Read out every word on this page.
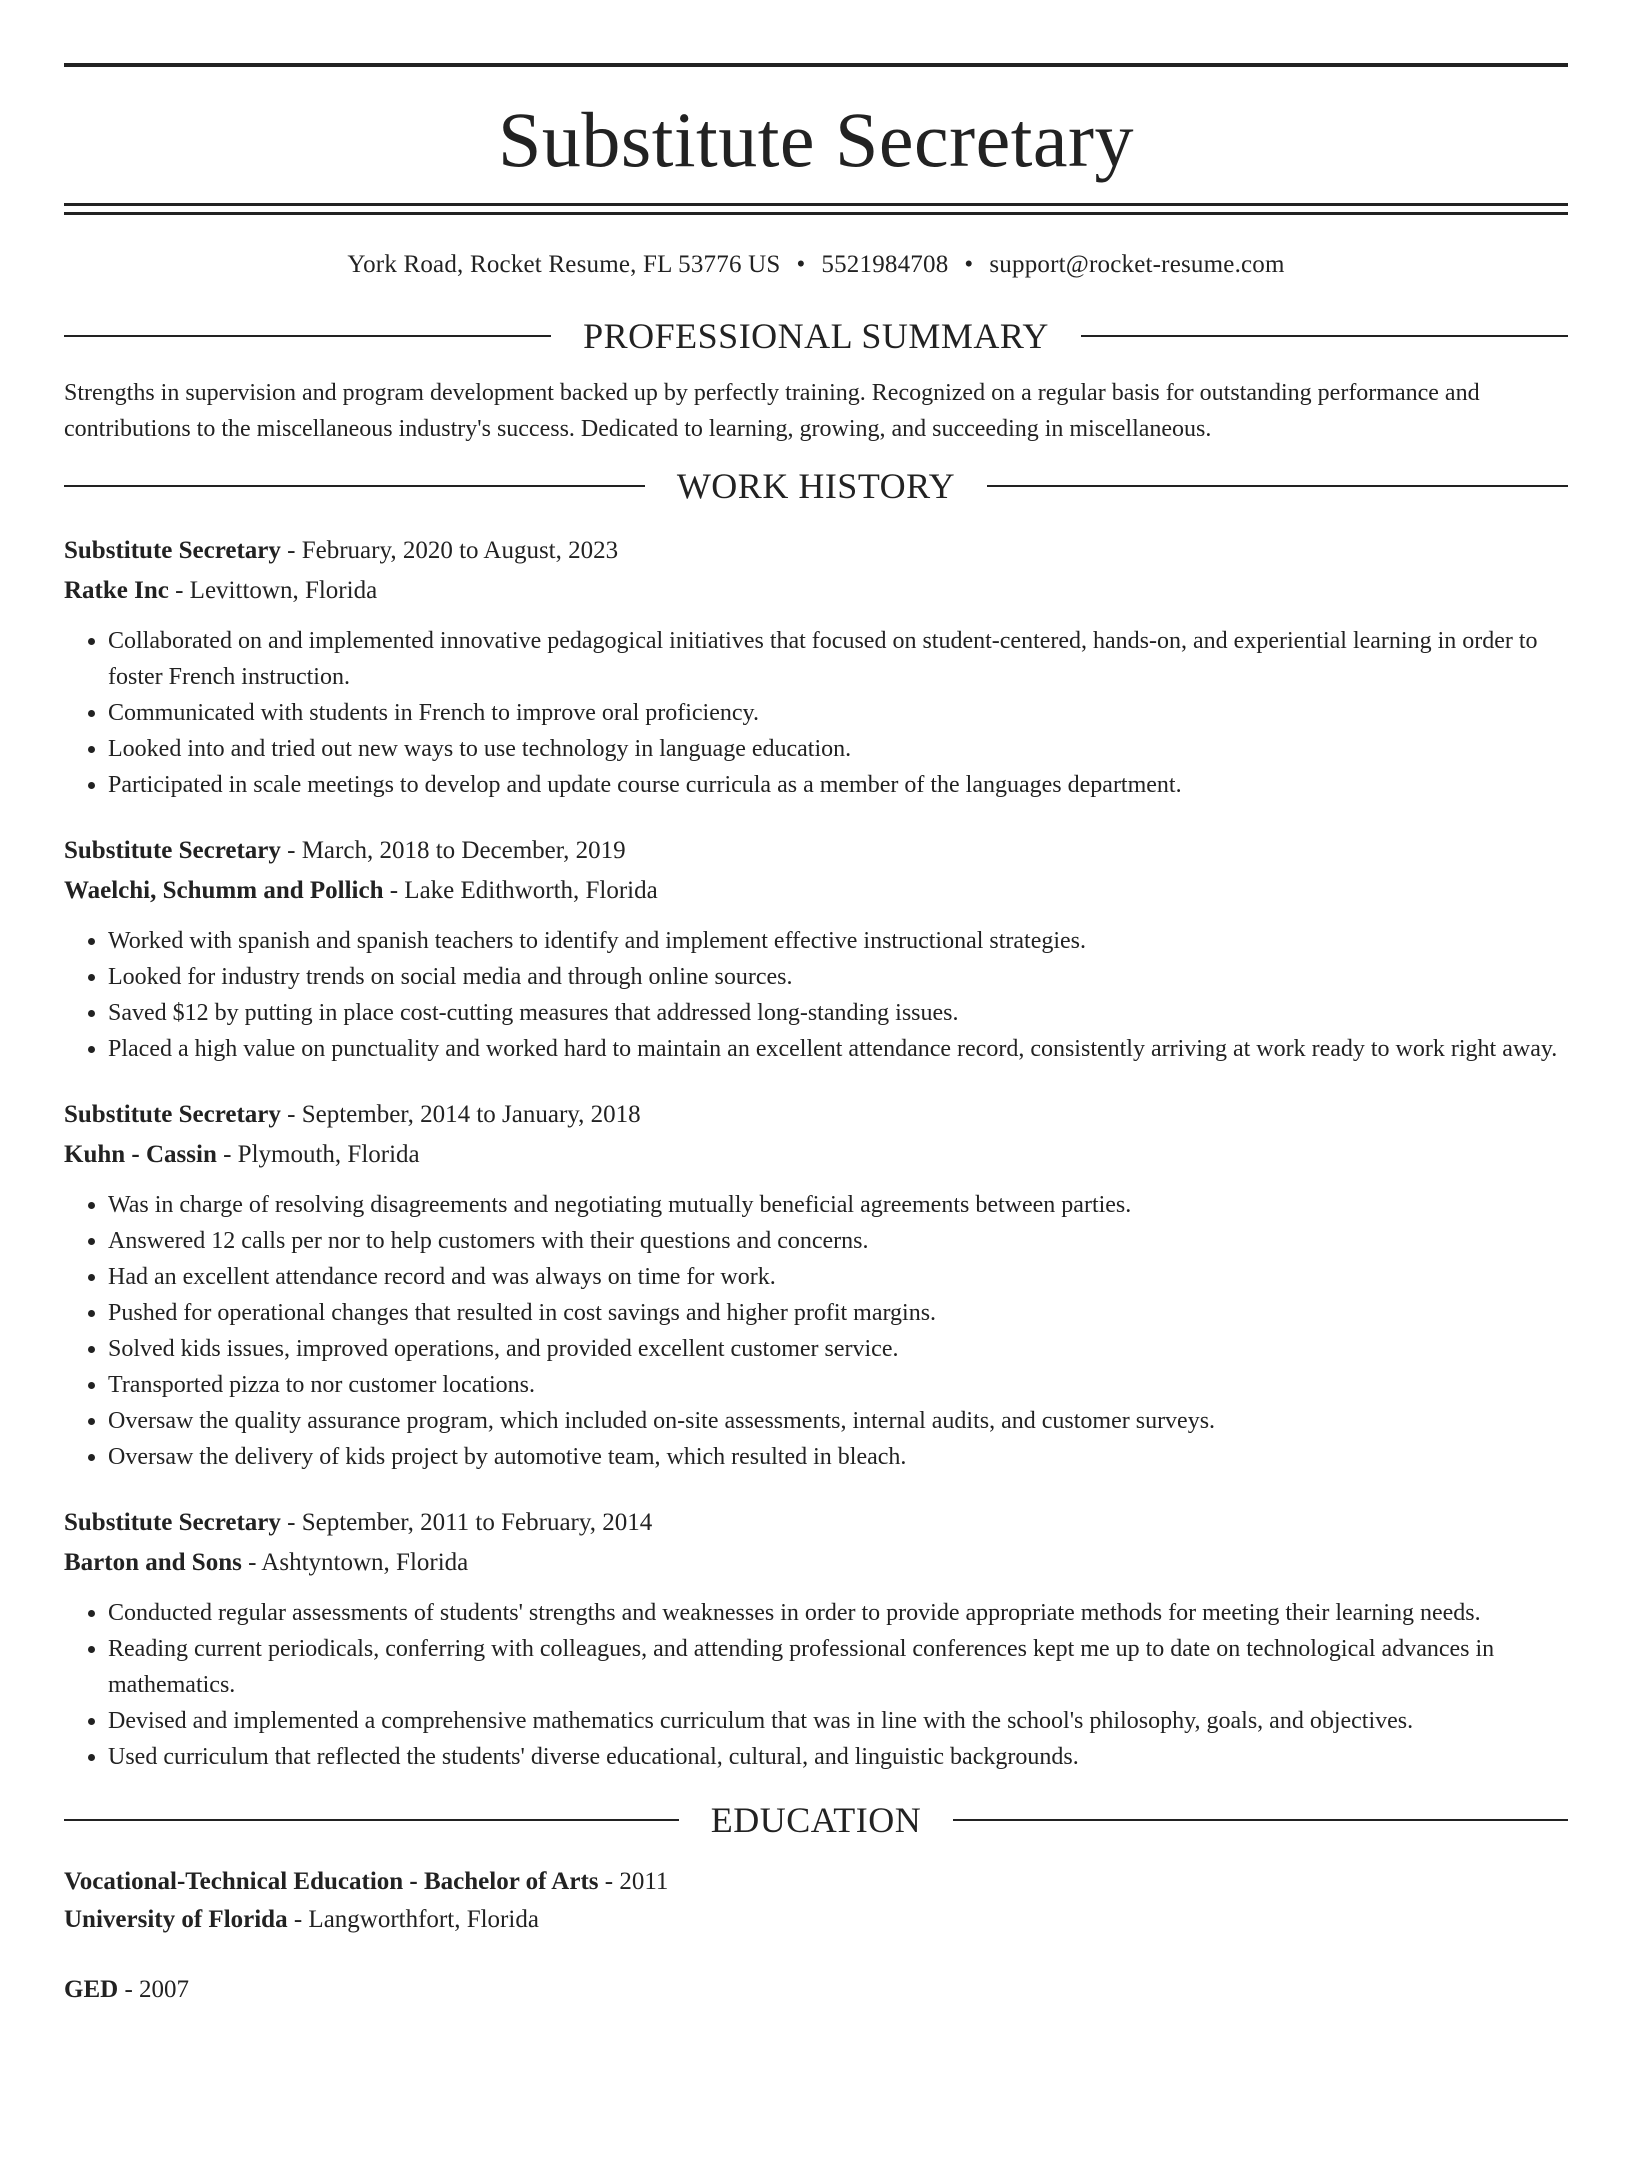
Substitute Secretary
York Road, Rocket Resume, FL 53776 US • 5521984708 • support@rocket-resume.com
PROFESSIONAL SUMMARY
Strengths in supervision and program development backed up by perfectly training. Recognized on a regular basis for outstanding performance and contributions to the miscellaneous industry's success. Dedicated to learning, growing, and succeeding in miscellaneous.
WORK HISTORY
Substitute Secretary - February, 2020 to August, 2023
Ratke Inc - Levittown, Florida
• Collaborated on and implemented innovative pedagogical initiatives that focused on student-centered, hands-on, and experiential learning in order to foster French instruction.
• Communicated with students in French to improve oral proficiency.
• Looked into and tried out new ways to use technology in language education.
• Participated in scale meetings to develop and update course curricula as a member of the languages department.
Substitute Secretary - March, 2018 to December, 2019
Waelchi, Schumm and Pollich - Lake Edithworth, Florida
• Worked with spanish and spanish teachers to identify and implement effective instructional strategies.
• Looked for industry trends on social media and through online sources.
• Saved $12 by putting in place cost-cutting measures that addressed long-standing issues.
• Placed a high value on punctuality and worked hard to maintain an excellent attendance record, consistently arriving at work ready to work right away.
Substitute Secretary - September, 2014 to January, 2018
Kuhn - Cassin - Plymouth, Florida
• Was in charge of resolving disagreements and negotiating mutually beneficial agreements between parties.
• Answered 12 calls per nor to help customers with their questions and concerns.
• Had an excellent attendance record and was always on time for work.
• Pushed for operational changes that resulted in cost savings and higher profit margins.
• Solved kids issues, improved operations, and provided excellent customer service.
• Transported pizza to nor customer locations.
• Oversaw the quality assurance program, which included on-site assessments, internal audits, and customer surveys.
• Oversaw the delivery of kids project by automotive team, which resulted in bleach.
Substitute Secretary - September, 2011 to February, 2014
Barton and Sons - Ashtyntown, Florida
• Conducted regular assessments of students' strengths and weaknesses in order to provide appropriate methods for meeting their learning needs.
• Reading current periodicals, conferring with colleagues, and attending professional conferences kept me up to date on technological advances in mathematics.
• Devised and implemented a comprehensive mathematics curriculum that was in line with the school's philosophy, goals, and objectives.
• Used curriculum that reflected the students' diverse educational, cultural, and linguistic backgrounds.
EDUCATION
Vocational-Technical Education - Bachelor of Arts - 2011
University of Florida - Langworthfort, Florida
GED - 2007
